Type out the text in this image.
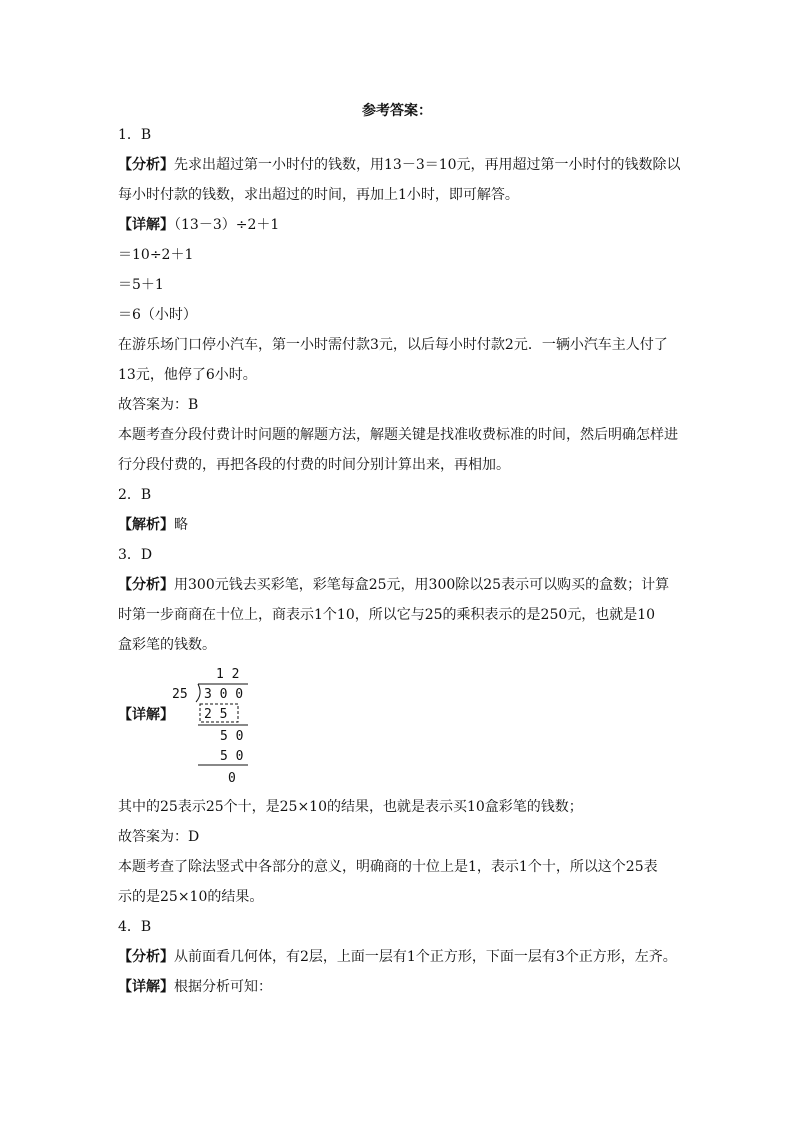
参考答案：
1．B
【分析】先求出超过第一小时付的钱数，用13－3＝10元，再用超过第一小时付的钱数除以
每小时付款的钱数，求出超过的时间，再加上1小时，即可解答。
【详解】（13－3）÷2＋1
＝10÷2＋1
＝5＋1
＝6（小时）
在游乐场门口停小汽车，第一小时需付款3元，以后每小时付款2元．一辆小汽车主人付了
13元，他停了6小时。
故答案为：B
本题考查分段付费计时问题的解题方法，解题关键是找准收费标准的时间，然后明确怎样进
行分段付费的，再把各段的付费的时间分别计算出来，再相加。
2．B
【解析】略
3．D
【分析】用300元钱去买彩笔，彩笔每盒25元，用300除以25表示可以购买的盒数；计算
时第一步商商在十位上，商表示1个10，所以它与25的乘积表示的是250元，也就是10
盒彩笔的钱数。
【详解】
1 2
25 3 0 0
2 5
5 0
5 0
0
其中的25表示25个十，是25×10的结果，也就是表示买10盒彩笔的钱数；
故答案为：D
本题考查了除法竖式中各部分的意义，明确商的十位上是1，表示1个十，所以这个25表
示的是25×10的结果。
4．B
【分析】从前面看几何体，有2层，上面一层有1个正方形，下面一层有3个正方形，左齐。
【详解】根据分析可知：
